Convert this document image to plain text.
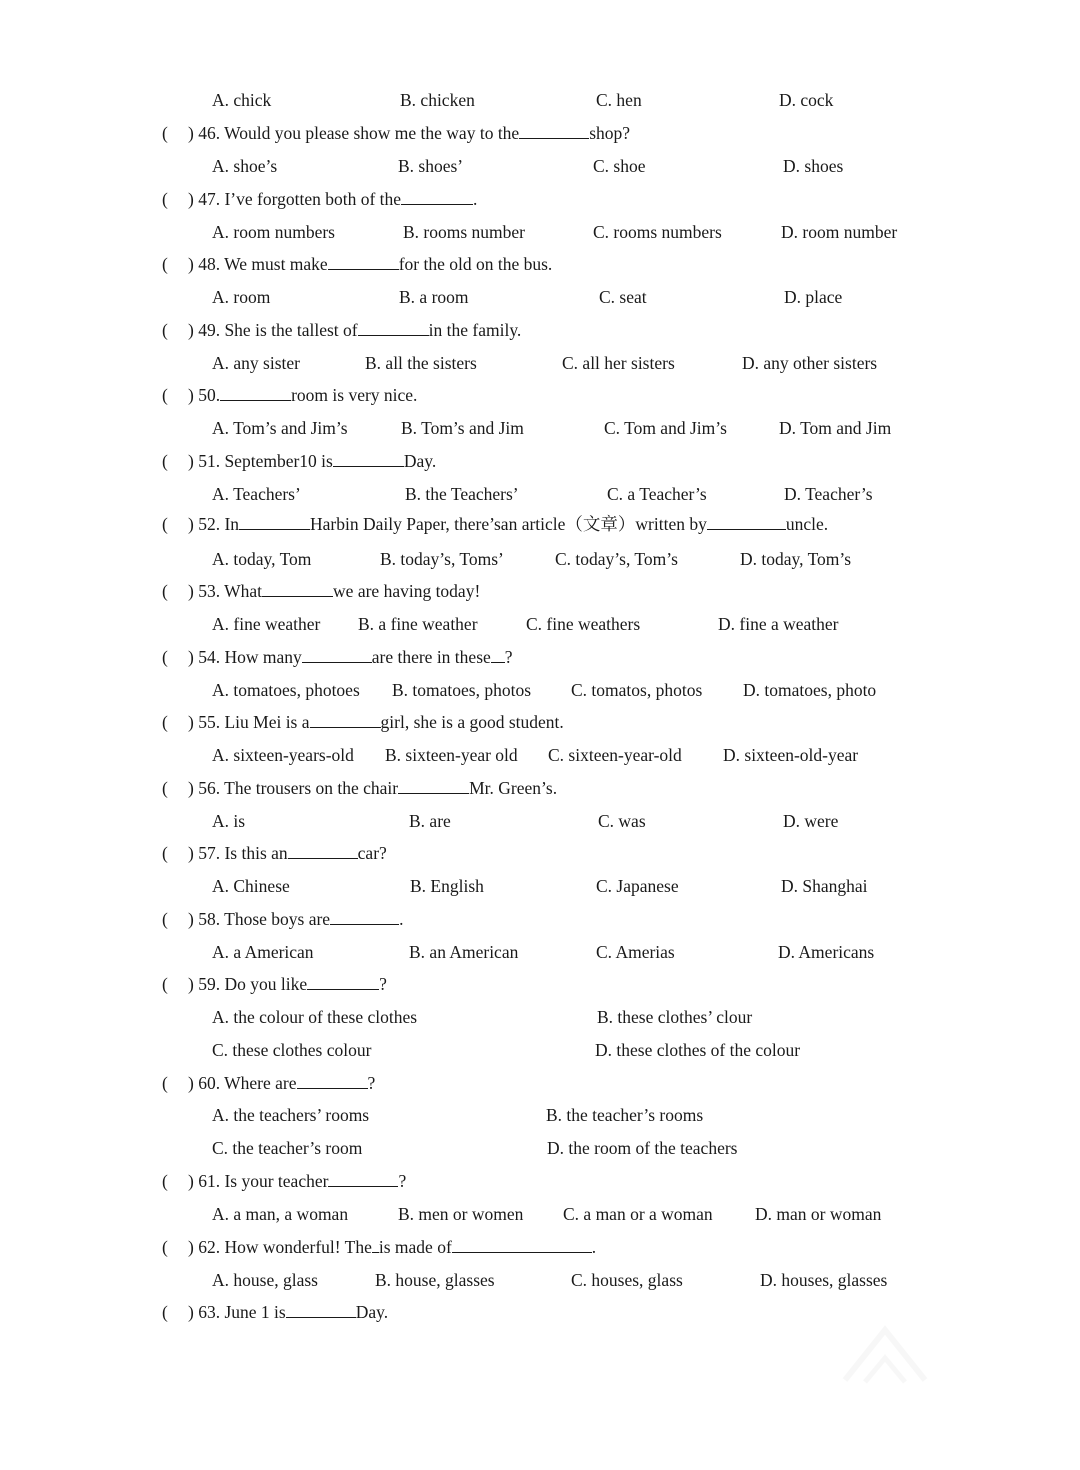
A. chick	B. chicken	C. hen	D. cock
( ) 46. Would you please show me the way to the	shop?
A. shoe’s	B. shoes’	C. shoe	D. shoes
( ) 47. I’ve forgotten both of the	.
A. room numbers	B. rooms number	C. rooms numbers	D. room number
( ) 48. We must make	for the old on the bus.
A. room	B. a room	C. seat	D. place
( ) 49. She is the tallest of	in the family.
A. any sister	B. all the sisters	C. all her sisters	D. any other sisters
( ) 50.	room is very nice.
A. Tom’s and Jim’s	B. Tom’s and Jim	C. Tom and Jim’s	D. Tom and Jim
( ) 51. September10 is	Day.
A. Teachers’	B. the Teachers’	C. a Teacher’s	D. Teacher’s
( ) 52. In	Harbin Daily Paper, there’san article（文章）written by	uncle.
A. today, Tom	B. today’s, Toms’	C. today’s, Tom’s	D. today, Tom’s
( ) 53. What	we are having today!
A. fine weather B. a fine weather	C. fine weathers	D. fine a weather
( ) 54. How many	are there in these ?
A. tomatoes, photoes B. tomatoes, photos C. tomatos, photos D. tomatoes, photo
( ) 55. Liu Mei is a	girl, she is a good student.
A. sixteen-years-old B. sixteen-year old C. sixteen-year-old D. sixteen-old-year
( ) 56. The trousers on the chair	Mr. Green’s.
A. is	B. are	C. was	D. were
( ) 57. Is this an	car?
A. Chinese	B. English	C. Japanese	D. Shanghai
( ) 58. Those boys are	.
A. a American	B. an American	C. Amerias	D. Americans
( ) 59. Do you like	?
A. the colour of these clothes	B. these clothes’ clour
C. these clothes colour	D. these clothes of the colour
( ) 60. Where are	?
A. the teachers’ rooms	B. the teacher’s rooms
C. the teacher’s room	D. the room of the teachers
( ) 61. Is your teacher	?
A. a man, a woman	B. men or women C. a man or a woman D. man or woman
( ) 62. How wonderful! The is made of	.
A. house, glass	B. house, glasses	C. houses, glass	D. houses, glasses
( ) 63. June 1 is	Day.
